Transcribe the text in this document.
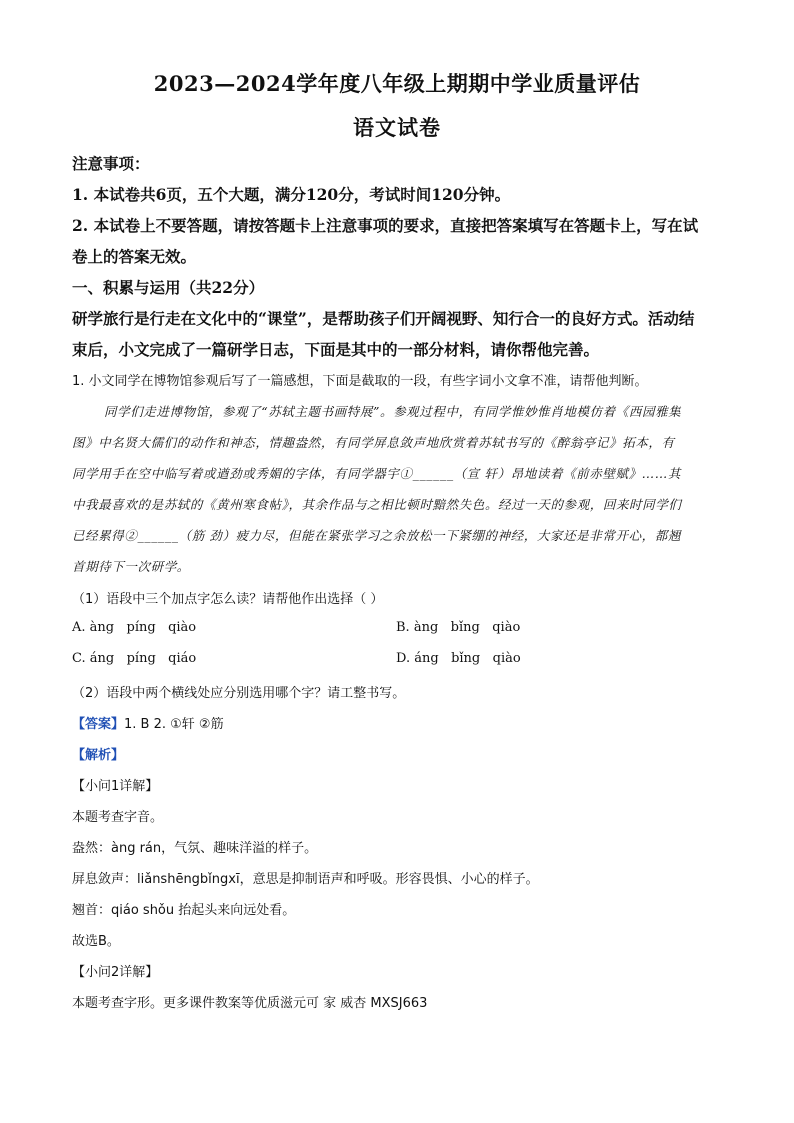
2023—2024学年度八年级上期期中学业质量评估
语文试卷
注意事项：
1. 本试卷共6页，五个大题，满分120分，考试时间120分钟。
2. 本试卷上不要答题，请按答题卡上注意事项的要求，直接把答案填写在答题卡上，写在试
卷上的答案无效。
一、积累与运用（共22分）
研学旅行是行走在文化中的“课堂”，是帮助孩子们开阔视野、知行合一的良好方式。活动结
束后，小文完成了一篇研学日志，下面是其中的一部分材料，请你帮他完善。
1. 小文同学在博物馆参观后写了一篇感想，下面是截取的一段，有些字词小文拿不准，请帮他判断。
同学们走进博物馆，参观了“苏轼主题书画特展”。参观过程中，有同学惟妙惟肖地模仿着《西园雅集
图》中名贤大儒们的动作和神态，情趣盎然，有同学屏息敛声地欣赏着苏轼书写的《醉翁亭记》拓本，有
同学用手在空中临写着或遒劲或秀媚的字体，有同学器宇①______（宣 轩）昂地读着《前赤壁赋》……其
中我最喜欢的是苏轼的《黄州寒食帖》，其余作品与之相比顿时黯然失色。经过一天的参观，回来时同学们
已经累得②______（筋 劲）疲力尽，但能在紧张学习之余放松一下紧绷的神经，大家还是非常开心，都翘
首期待下一次研学。
（1）语段中三个加点字怎么读？请帮他作出选择（ ）
A. àng   píng   qiào	B. àng   bǐng   qiào
C. áng   píng   qiáo	D. áng   bǐng   qiào
（2）语段中两个横线处应分别选用哪个字？请工整书写。
【答案】1. B 2. ①轩 ②筋
【解析】
【小问1详解】
本题考查字音。
盎然：àng rán，气氛、趣味洋溢的样子。
屏息敛声：liǎnshēngbǐngxī，意思是抑制语声和呼吸。形容畏惧、小心的样子。
翘首：qiáo shǒu 抬起头来向远处看。
故选B。
【小问2详解】
本题考查字形。更多课件教案等优质滋元可 家 威杏 MXSJ663
